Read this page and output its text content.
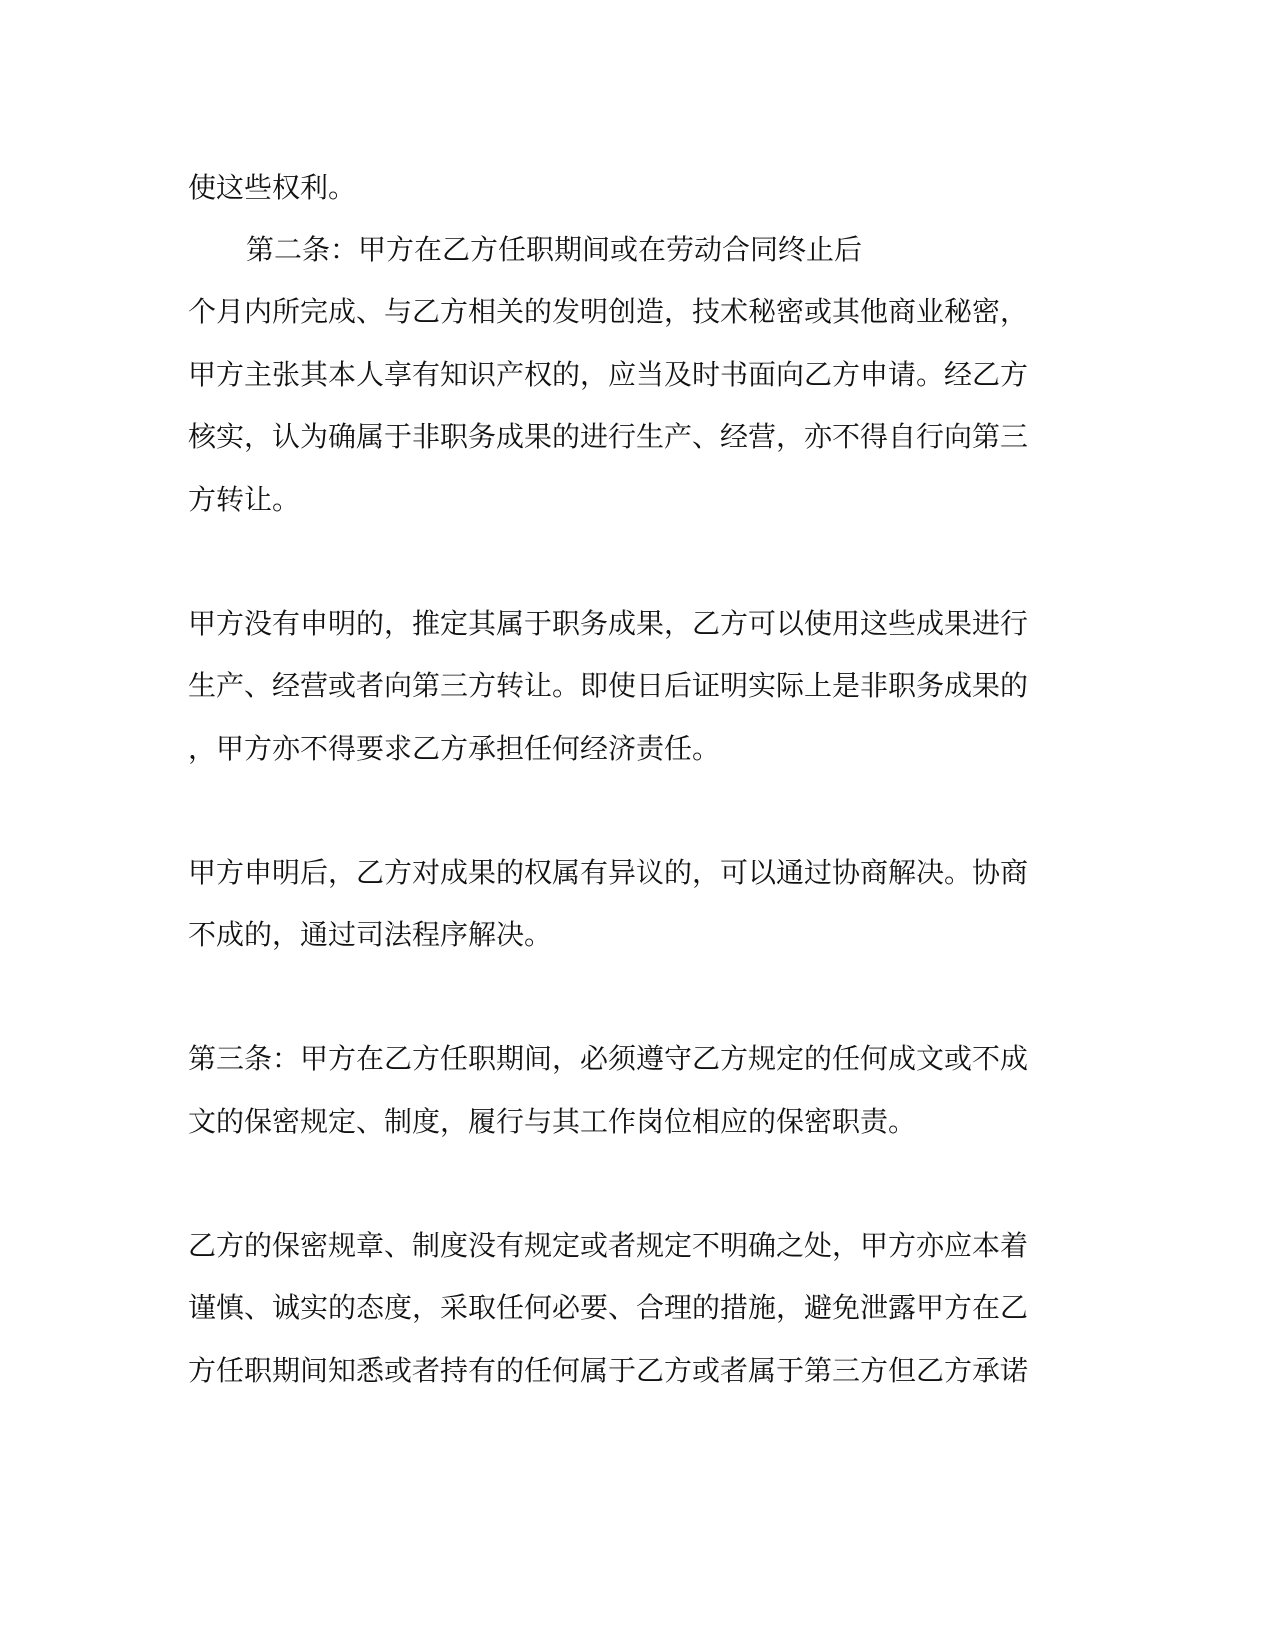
使这些权利。
第二条：甲方在乙方任职期间或在劳动合同终止后
个月内所完成、与乙方相关的发明创造，技术秘密或其他商业秘密，
甲方主张其本人享有知识产权的，应当及时书面向乙方申请。经乙方
核实，认为确属于非职务成果的进行生产、经营，亦不得自行向第三
方转让。
甲方没有申明的，推定其属于职务成果，乙方可以使用这些成果进行
生产、经营或者向第三方转让。即使日后证明实际上是非职务成果的
，甲方亦不得要求乙方承担任何经济责任。
甲方申明后，乙方对成果的权属有异议的，可以通过协商解决。协商
不成的，通过司法程序解决。
第三条：甲方在乙方任职期间，必须遵守乙方规定的任何成文或不成
文的保密规定、制度，履行与其工作岗位相应的保密职责。
乙方的保密规章、制度没有规定或者规定不明确之处，甲方亦应本着
谨慎、诚实的态度，采取任何必要、合理的措施，避免泄露甲方在乙
方任职期间知悉或者持有的任何属于乙方或者属于第三方但乙方承诺
